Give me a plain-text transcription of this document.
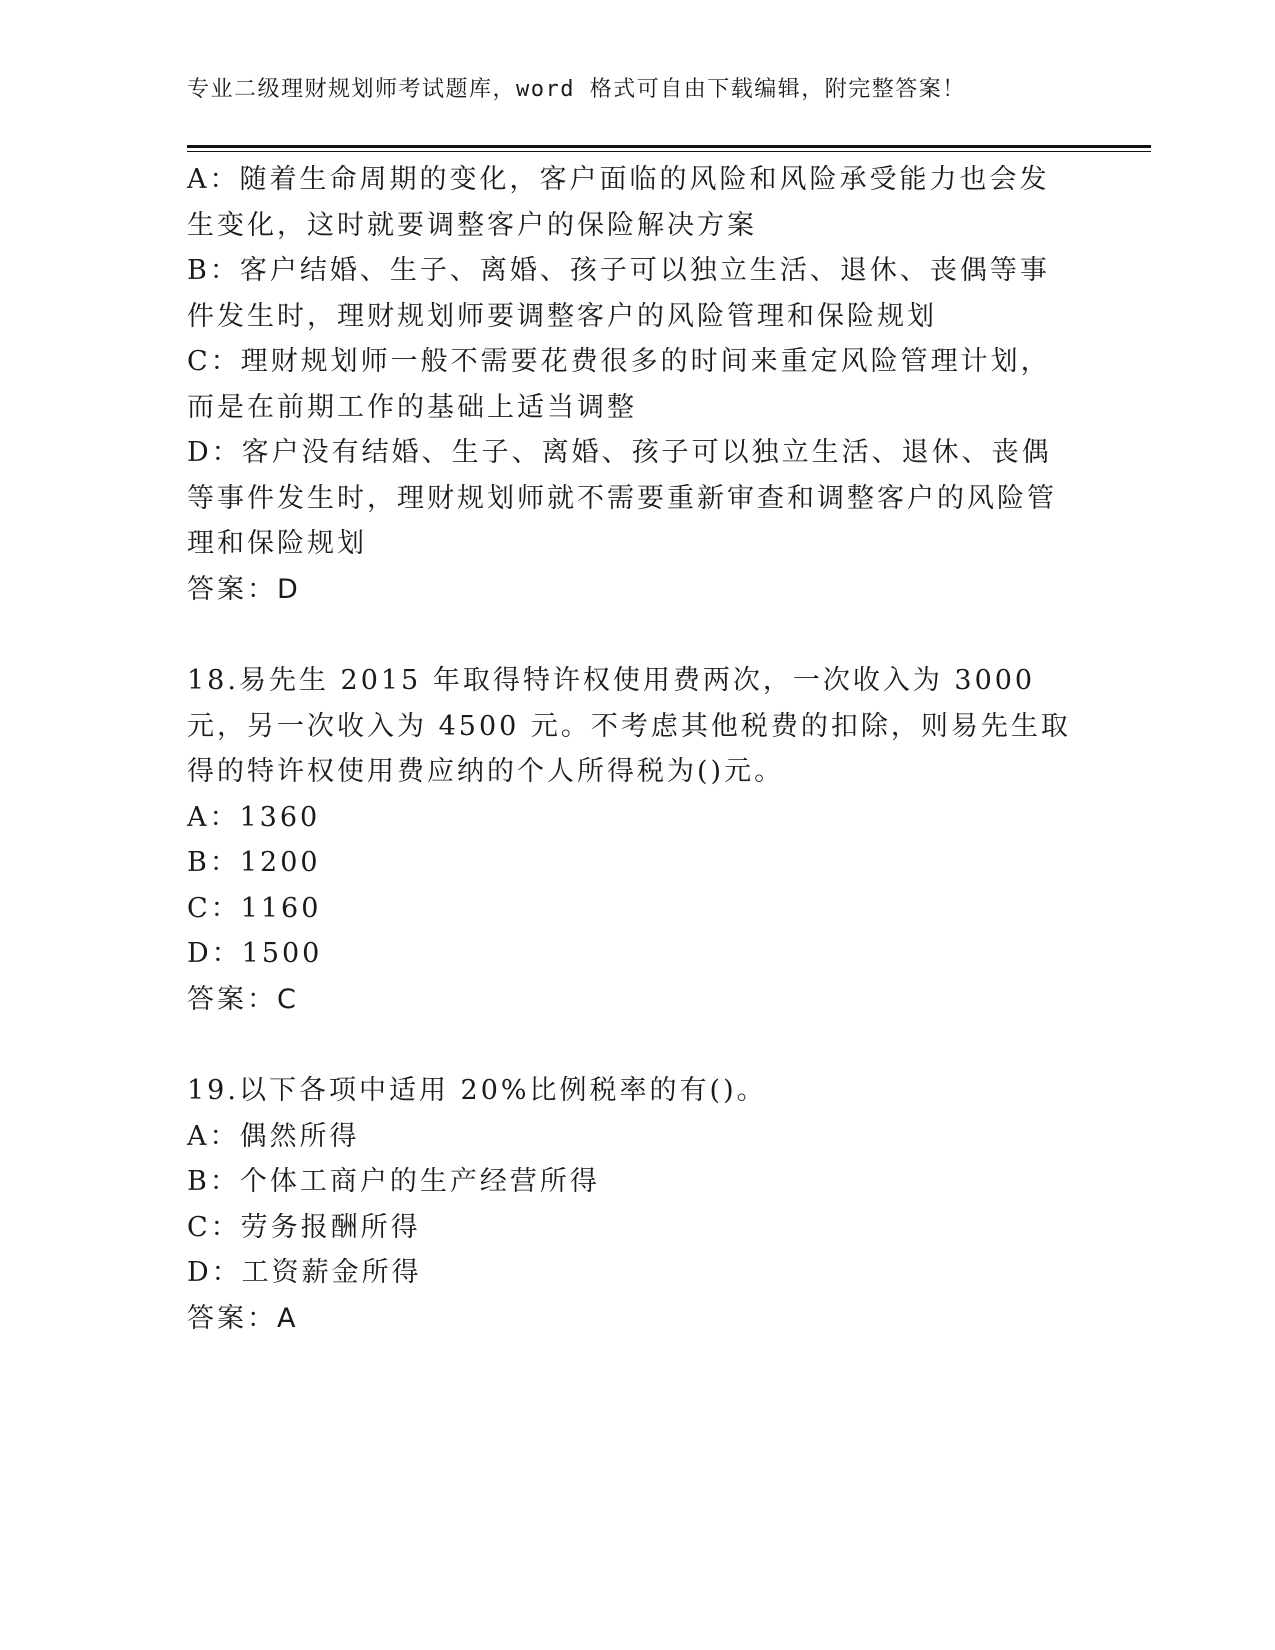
专业二级理财规划师考试题库，word 格式可自由下载编辑，附完整答案！
A：随着生命周期的变化，客户面临的风险和风险承受能力也会发生变化，这时就要调整客户的保险解决方案
B：客户结婚、生子、离婚、孩子可以独立生活、退休、丧偶等事件发生时，理财规划师要调整客户的风险管理和保险规划
C：理财规划师一般不需要花费很多的时间来重定风险管理计划，而是在前期工作的基础上适当调整
D：客户没有结婚、生子、离婚、孩子可以独立生活、退休、丧偶等事件发生时，理财规划师就不需要重新审查和调整客户的风险管理和保险规划
答案：D
18.易先生 2015 年取得特许权使用费两次，一次收入为 3000 元，另一次收入为 4500 元。不考虑其他税费的扣除，则易先生取得的特许权使用费应纳的个人所得税为()元。
A：1360
B：1200
C：1160
D：1500
答案：C
19.以下各项中适用 20%比例税率的有()。
A：偶然所得
B：个体工商户的生产经营所得
C：劳务报酬所得
D：工资薪金所得
答案：A
